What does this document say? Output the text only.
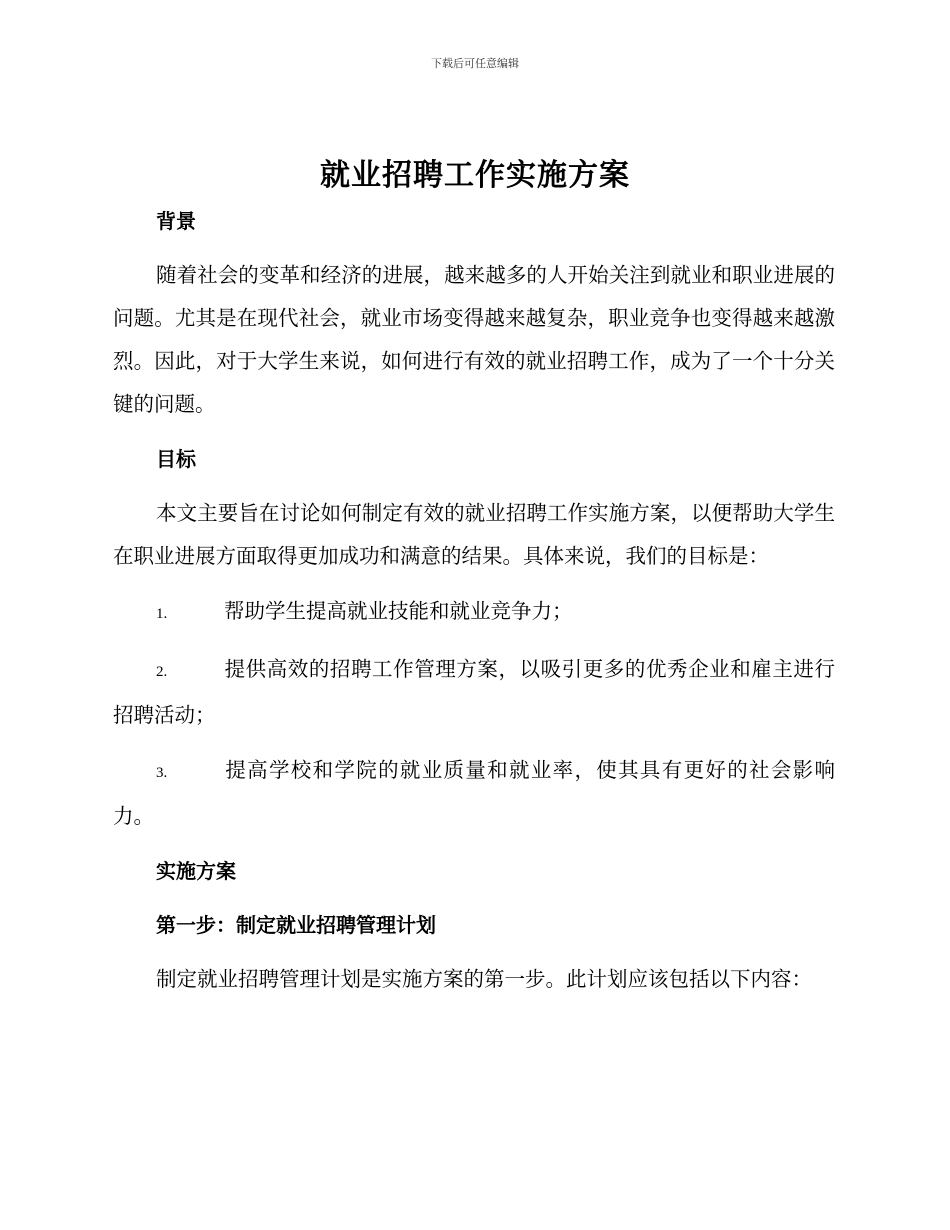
下载后可任意编辑
就业招聘工作实施方案

背景

随着社会的变革和经济的进展，越来越多的人开始关注到就业和职业进展的问题。尤其是在现代社会，就业市场变得越来越复杂，职业竞争也变得越来越激烈。因此，对于大学生来说，如何进行有效的就业招聘工作，成为了一个十分关键的问题。

目标

本文主要旨在讨论如何制定有效的就业招聘工作实施方案，以便帮助大学生在职业进展方面取得更加成功和满意的结果。具体来说，我们的目标是：

1.	帮助学生提高就业技能和就业竞争力；

2.	提供高效的招聘工作管理方案，以吸引更多的优秀企业和雇主进行招聘活动；

3.	提高学校和学院的就业质量和就业率，使其具有更好的社会影响力。

实施方案

第一步：制定就业招聘管理计划

制定就业招聘管理计划是实施方案的第一步。此计划应该包括以下内容：
